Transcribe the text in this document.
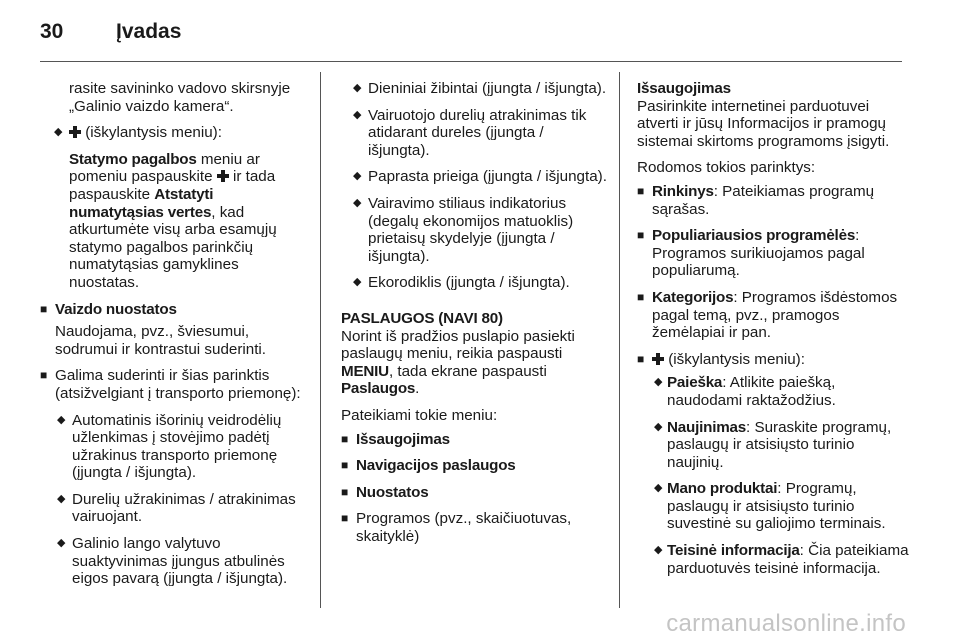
30	Įvadas

rasite savininko vadovo skirsnyje „Galinio vaizdo kamera“.

◆ (iškylantysis meniu):

Statymo pagalbos meniu ar pomeniu paspauskite  ir tada paspauskite Atstatyti numatytąsias vertes, kad atkurtumėte visų arba esamųjų statymo pagalbos parinkčių numatytąsias gamyklines nuostatas.

■ Vaizdo nuostatos

Naudojama, pvz., šviesumui, sodrumui ir kontrastui suderinti.

■ Galima suderinti ir šias parinktis (atsižvelgiant į transporto priemonę):
◆ Automatinis išorinių veidrodėlių užlenkimas į stovėjimo padėtį užrakinus transporto priemonę (įjungta / išjungta).
◆ Durelių užrakinimas / atrakinimas vairuojant.
◆ Galinio lango valytuvo suaktyvinimas įjungus atbulinės eigos pavarą (įjungta / išjungta).
◆ Dieniniai žibintai (įjungta / išjungta).
◆ Vairuotojo durelių atrakinimas tik atidarant dureles (įjungta / išjungta).
◆ Paprasta prieiga (įjungta / išjungta).
◆ Vairavimo stiliaus indikatorius (degalų ekonomijos matuoklis) prietaisų skydelyje (įjungta / išjungta).
◆ Ekorodiklis (įjungta / išjungta).
PASLAUGOS (NAVI 80)

Norint iš pradžios puslapio pasiekti paslaugų meniu, reikia paspausti MENIU, tada ekrane paspausti Paslaugos.

Pateikiami tokie meniu:

■ Išsaugojimas
■ Navigacijos paslaugos
■ Nuostatos
■ Programos (pvz., skaičiuotuvas, skaityklė)
Išsaugojimas

Pasirinkite internetinei parduotuvei atverti ir jūsų Informacijos ir pramogų sistemai skirtoms programoms įsigyti.

Rodomos tokios parinktys:

■ Rinkinys: Pateikiamas programų sąrašas.
■ Populiariausios programėlės: Programos surikiuojamos pagal populiarumą.
■ Kategorijos: Programos išdėstomos pagal temą, pvz., pramogos žemėlapiai ir pan.
■ (iškylantysis meniu):
◆ Paieška: Atlikite paiešką, naudodami raktažodžius.
◆ Naujinimas: Suraskite programų, paslaugų ir atsisiųsto turinio naujinių.
◆ Mano produktai: Programų, paslaugų ir atsisiųsto turinio suvestinė su galiojimo terminais.
◆ Teisinė informacija: Čia pateikiama parduotuvės teisinė informacija.
carmanualsonline.info
